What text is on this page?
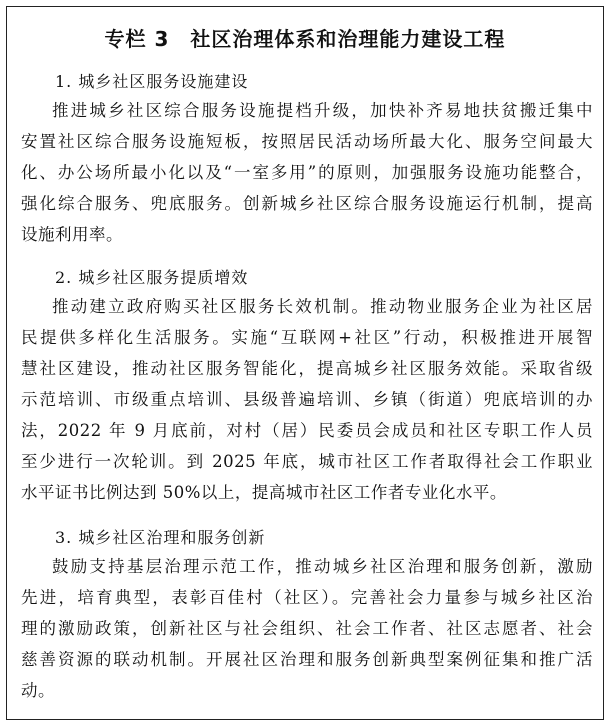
专栏 3　社区治理体系和治理能力建设工程
1. 城乡社区服务设施建设
推进城乡社区综合服务设施提档升级，加快补齐易地扶贫搬迁集中
安置社区综合服务设施短板，按照居民活动场所最大化、服务空间最大
化、办公场所最小化以及“一室多用”的原则，加强服务设施功能整合，
强化综合服务、兜底服务。创新城乡社区综合服务设施运行机制，提高
设施利用率。
2. 城乡社区服务提质增效
推动建立政府购买社区服务长效机制。推动物业服务企业为社区居
民提供多样化生活服务。实施“互联网+社区”行动，积极推进开展智
慧社区建设，推动社区服务智能化，提高城乡社区服务效能。采取省级
示范培训、市级重点培训、县级普遍培训、乡镇（街道）兜底培训的办
法，2022 年 9 月底前，对村（居）民委员会成员和社区专职工作人员
至少进行一次轮训。到 2025 年底，城市社区工作者取得社会工作职业
水平证书比例达到 50%以上，提高城市社区工作者专业化水平。
3. 城乡社区治理和服务创新
鼓励支持基层治理示范工作，推动城乡社区治理和服务创新，激励
先进，培育典型，表彰百佳村（社区）。完善社会力量参与城乡社区治
理的激励政策，创新社区与社会组织、社会工作者、社区志愿者、社会
慈善资源的联动机制。开展社区治理和服务创新典型案例征集和推广活
动。
